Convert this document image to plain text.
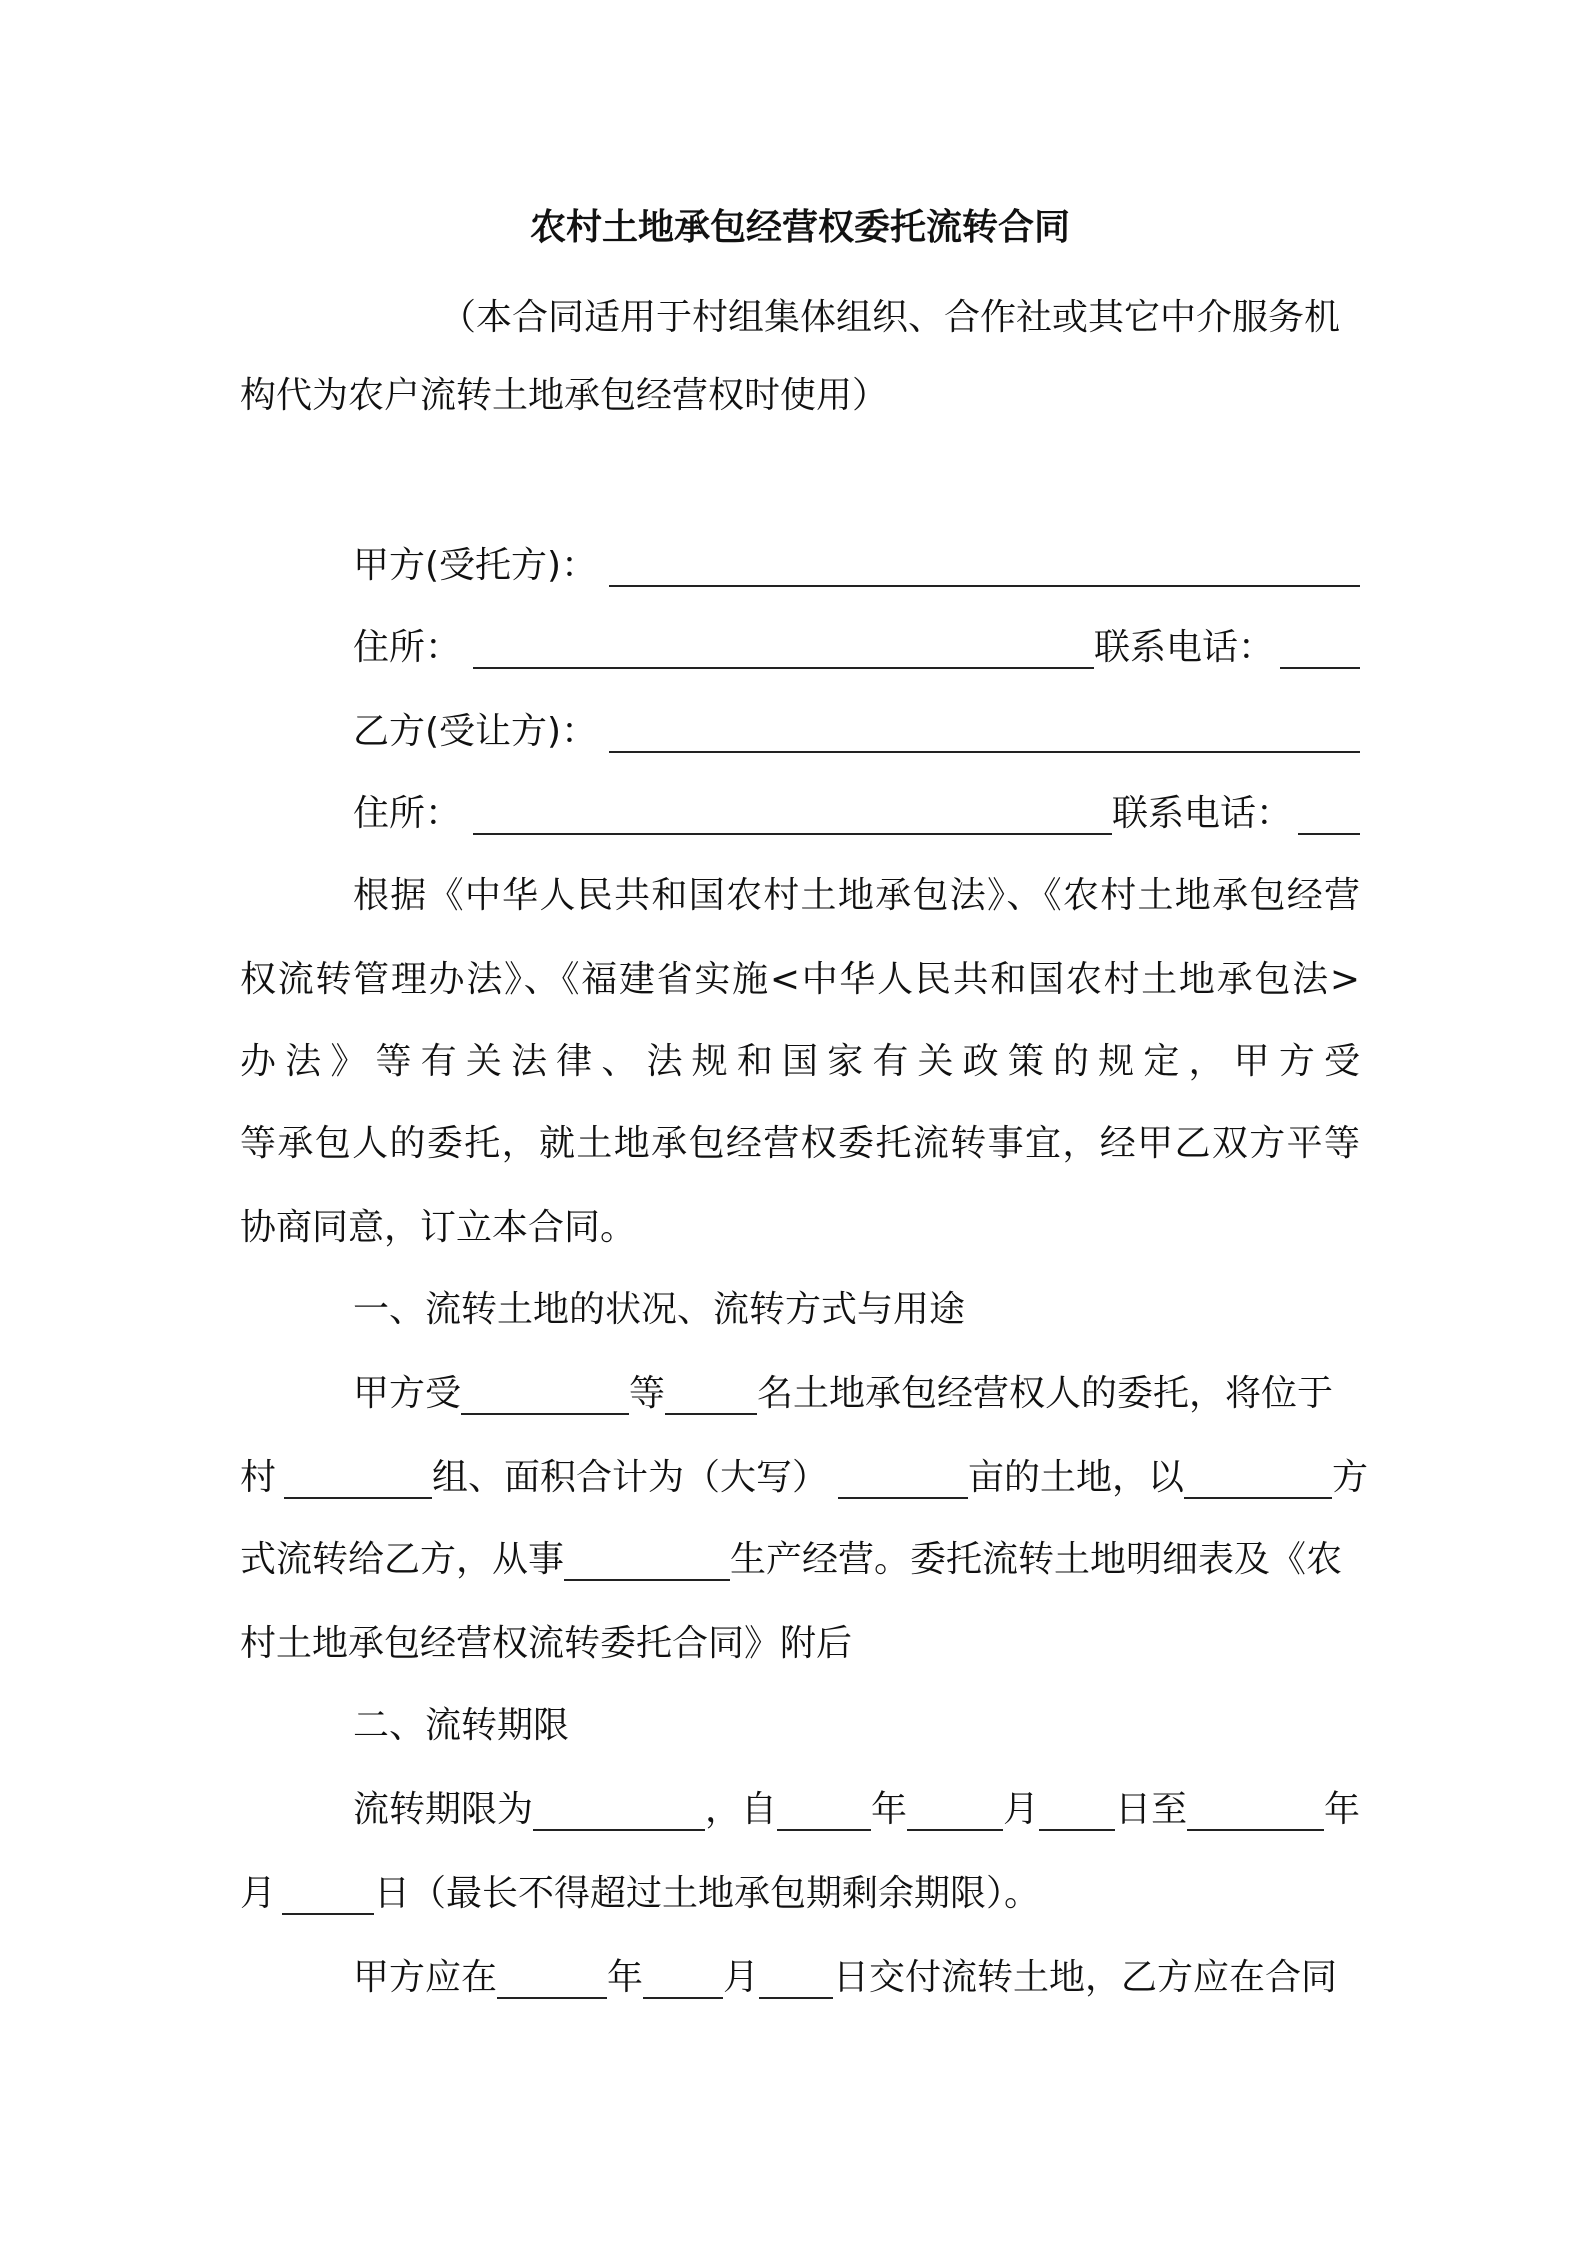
农村土地承包经营权委托流转合同
（本合同适用于村组集体组织、合作社或其它中介服务机
构代为农户流转土地承包经营权时使用）
甲方(受托方)：
住所：	联系电话：
乙方(受让方)：
住所：	联系电话：
根据《中华人民共和国农村土地承包法》、《农村土地承包经营
权流转管理办法》、《福建省实施<中华人民共和国农村土地承包法>
办法》等有关法律、法规和国家有关政策的规定，甲方受
等承包人的委托，就土地承包经营权委托流转事宜，经甲乙双方平等
协商同意，订立本合同。
一、流转土地的状况、流转方式与用途
甲方受	等	名土地承包经营权人的委托，将位于
村	组、面积合计为（大写）	亩的土地，以	方
式流转给乙方，从事	生产经营。委托流转土地明细表及《农
村土地承包经营权流转委托合同》附后
二、流转期限
流转期限为	，自	年	月 日至	年
月	日（最长不得超过土地承包期剩余期限）。
甲方应在	年 月 日交付流转土地，乙方应在合同
